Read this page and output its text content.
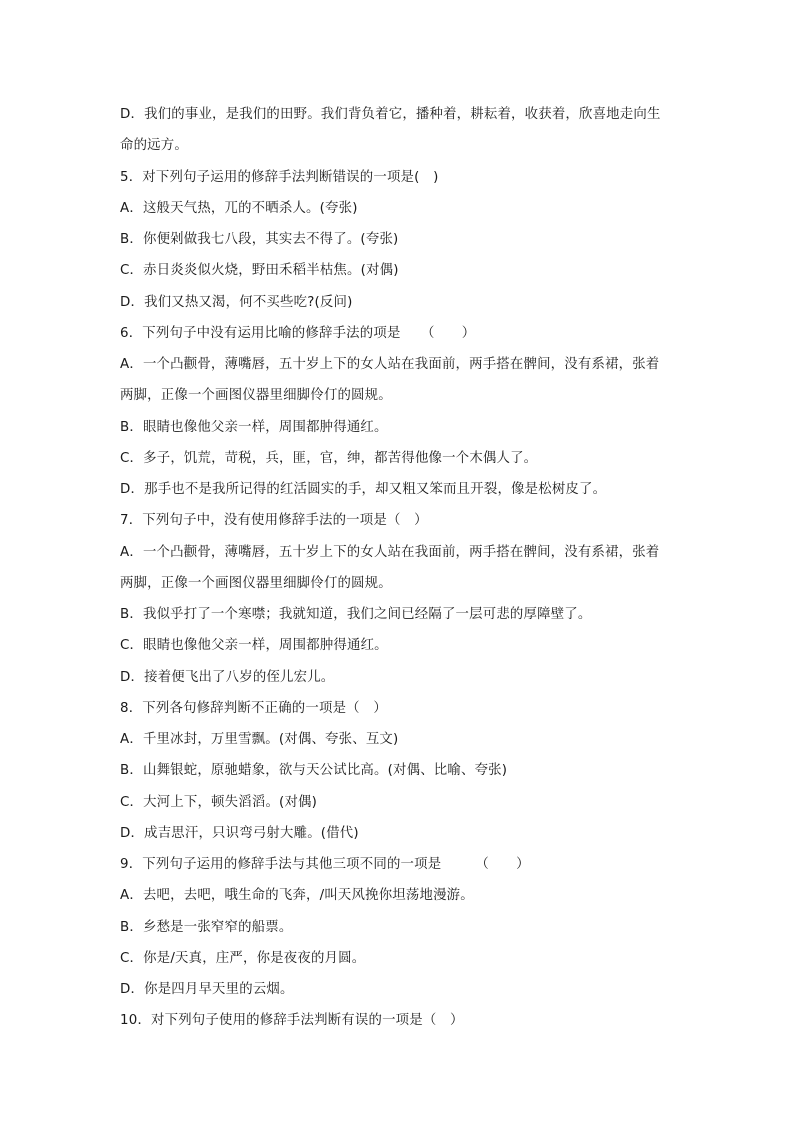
D．我们的事业，是我们的田野。我们背负着它，播种着，耕耘着，收获着，欣喜地走向生
命的远方。
5．对下列句子运用的修辞手法判断错误的一项是(　)
A．这般天气热，兀的不晒杀人。(夸张)
B．你便剁做我七八段，其实去不得了。(夸张)
C．赤日炎炎似火烧，野田禾稻半枯焦。(对偶)
D．我们又热又渴，何不买些吃?(反问)
6．下列句子中没有运用比喻的修辞手法的项是　　（　　）
A．一个凸颧骨，薄嘴唇，五十岁上下的女人站在我面前，两手搭在髀间，没有系裙，张着
两脚，正像一个画图仪器里细脚伶仃的圆规。
B．眼睛也像他父亲一样，周围都肿得通红。
C．多子，饥荒，苛税，兵，匪，官，绅，都苦得他像一个木偶人了。
D．那手也不是我所记得的红活圆实的手，却又粗又笨而且开裂，像是松树皮了。
7．下列句子中，没有使用修辞手法的一项是（　）
A．一个凸颧骨，薄嘴唇，五十岁上下的女人站在我面前，两手搭在髀间，没有系裙，张着
两脚，正像一个画图仪器里细脚伶仃的圆规。
B．我似乎打了一个寒噤；我就知道，我们之间已经隔了一层可悲的厚障壁了。
C．眼睛也像他父亲一样，周围都肿得通红。
D．接着便飞出了八岁的侄儿宏儿。
8．下列各句修辞判断不正确的一项是（　）
A．千里冰封，万里雪飘。(对偶、夸张、互文)
B．山舞银蛇，原驰蜡象，欲与天公试比高。(对偶、比喻、夸张)
C．大河上下，顿失滔滔。(对偶)
D．成吉思汗，只识弯弓射大雕。(借代)
9．下列句子运用的修辞手法与其他三项不同的一项是　　　（　　）
A．去吧，去吧，哦生命的飞奔，/叫天风挽你坦荡地漫游。
B．乡愁是一张窄窄的船票。
C．你是/天真，庄严，你是夜夜的月圆。
D．你是四月早天里的云烟。
10．对下列句子使用的修辞手法判断有误的一项是（　）
